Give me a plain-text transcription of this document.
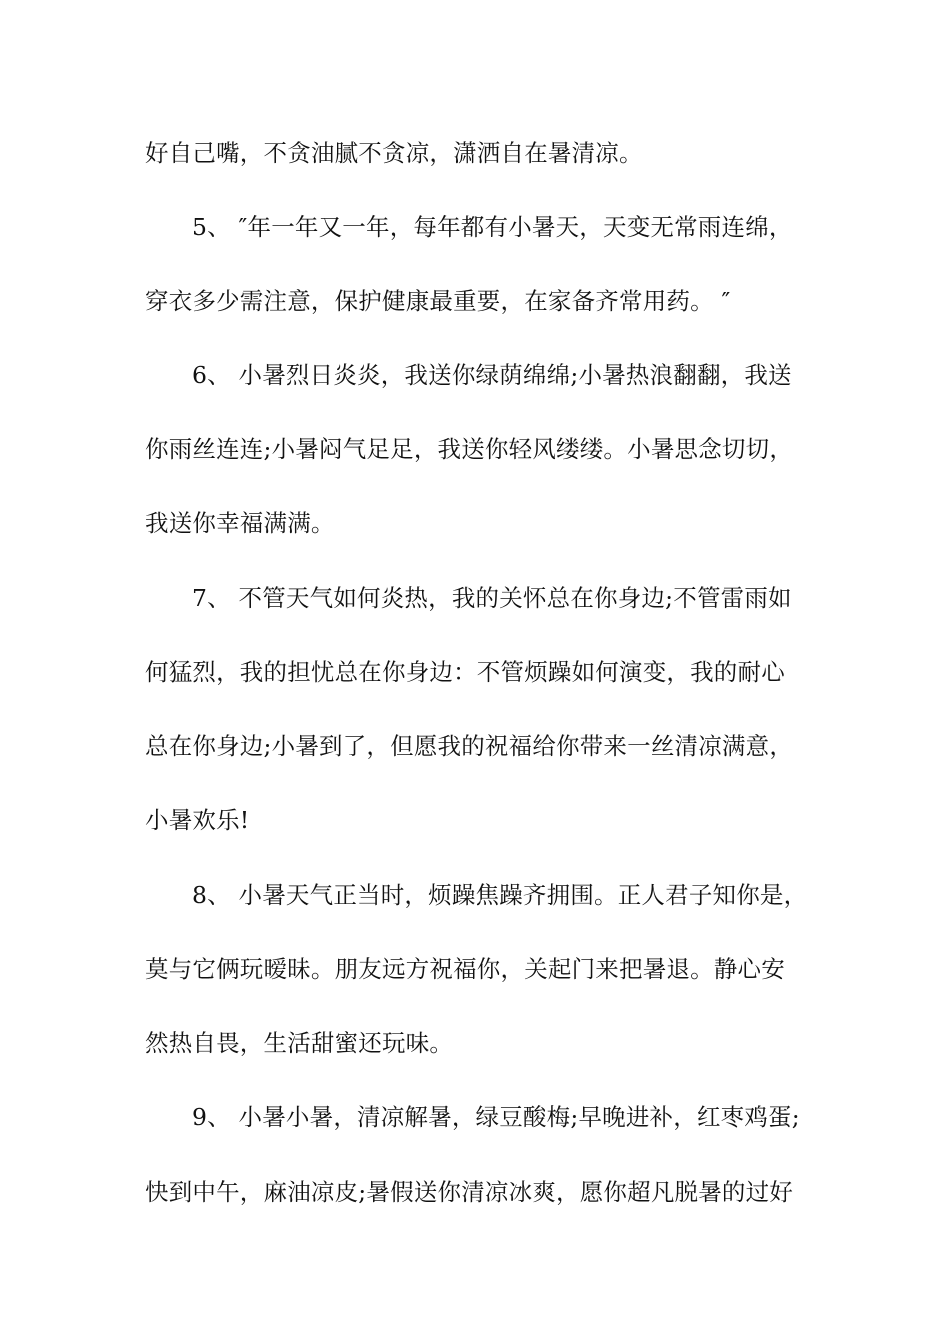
好自己嘴，不贪油腻不贪凉，潇洒自在暑清凉。
5、 ″年一年又一年，每年都有小暑天，天变无常雨连绵，
穿衣多少需注意，保护健康最重要，在家备齐常用药。 ″
6、 小暑烈日炎炎，我送你绿荫绵绵;小暑热浪翻翻，我送
你雨丝连连;小暑闷气足足，我送你轻风缕缕。小暑思念切切，
我送你幸福满满。
7、 不管天气如何炎热，我的关怀总在你身边;不管雷雨如
何猛烈，我的担忧总在你身边：不管烦躁如何演变，我的耐心
总在你身边;小暑到了，但愿我的祝福给你带来一丝清凉满意，
小暑欢乐!
8、 小暑天气正当时，烦躁焦躁齐拥围。正人君子知你是，
莫与它俩玩暧昧。朋友远方祝福你，关起门来把暑退。静心安
然热自畏，生活甜蜜还玩味。
9、 小暑小暑，清凉解暑，绿豆酸梅;早晚进补，红枣鸡蛋;
快到中午，麻油凉皮;暑假送你清凉冰爽，愿你超凡脱暑的过好
